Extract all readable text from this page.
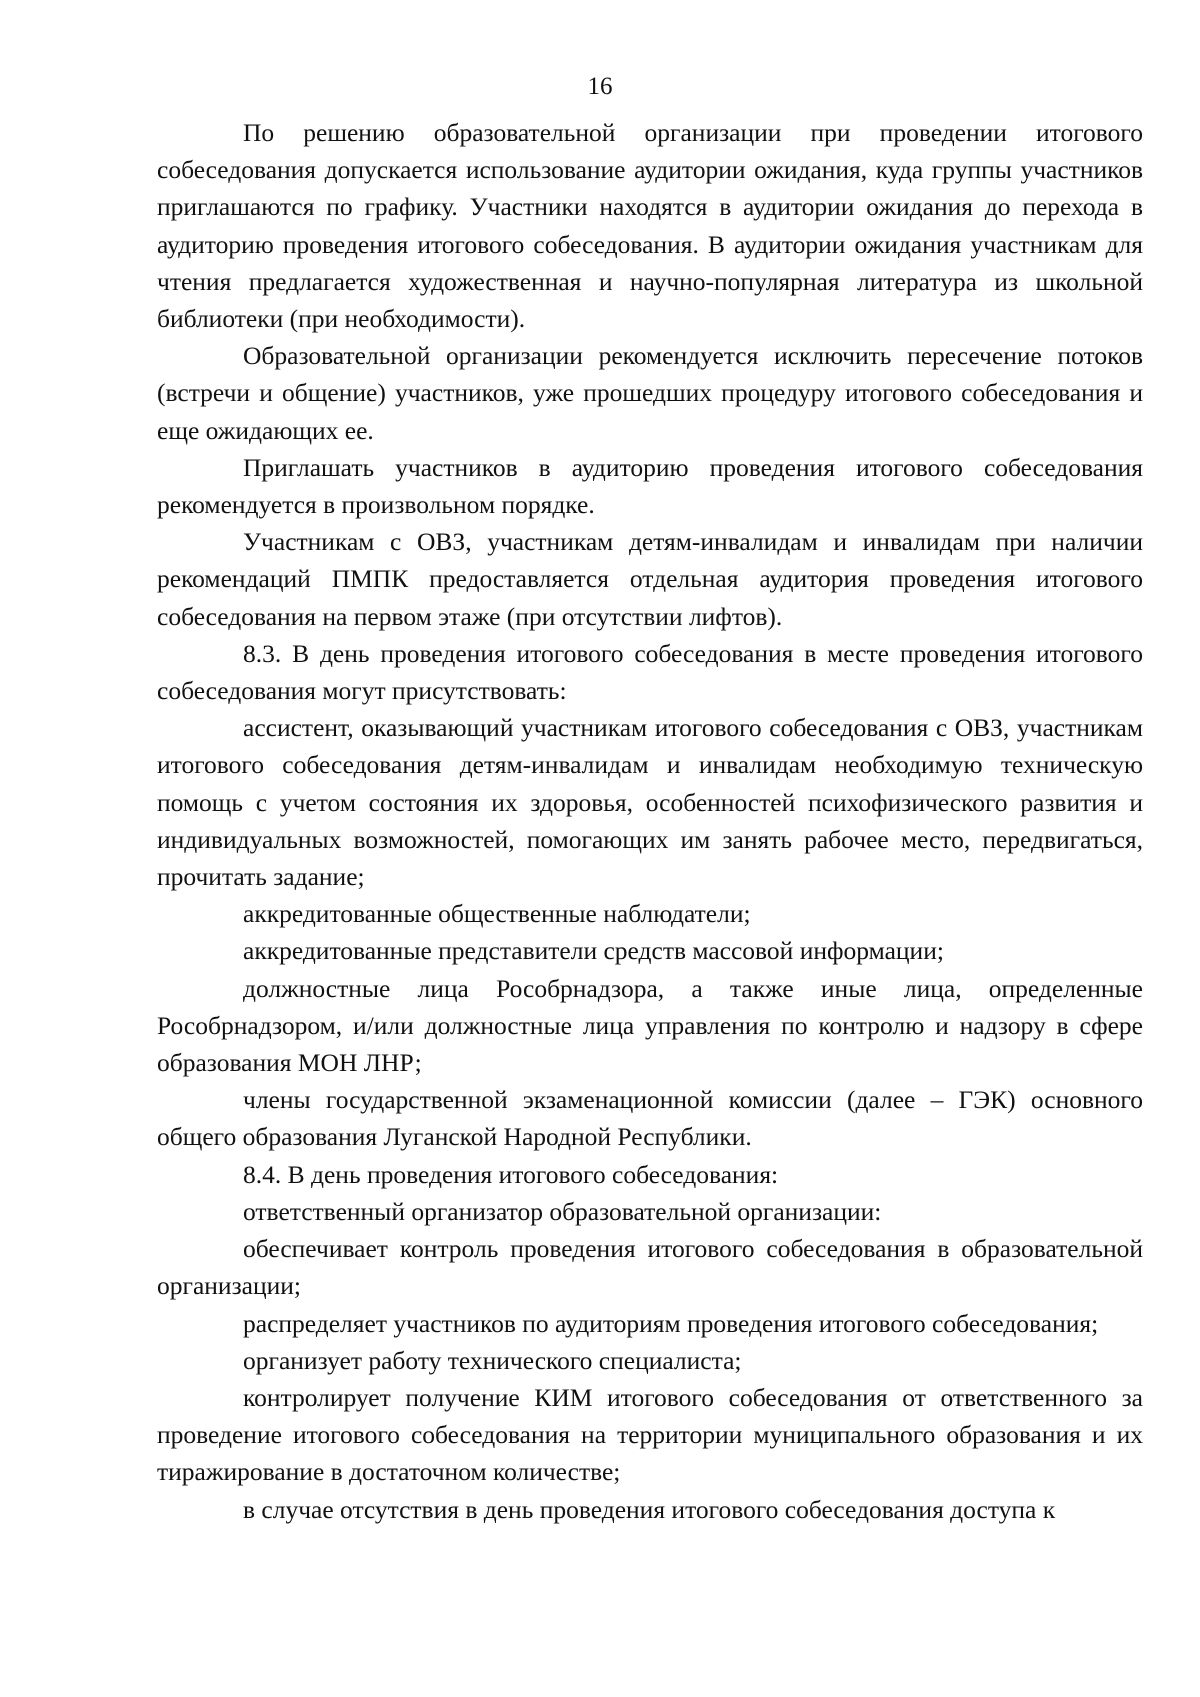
16

По решению образовательной организации при проведении итогового собеседования допускается использование аудитории ожидания, куда группы участников приглашаются по графику. Участники находятся в аудитории ожидания до перехода в аудиторию проведения итогового собеседования. В аудитории ожидания участникам для чтения предлагается художественная и научно-популярная литература из школьной библиотеки (при необходимости).

Образовательной организации рекомендуется исключить пересечение потоков (встречи и общение) участников, уже прошедших процедуру итогового собеседования и еще ожидающих ее.

Приглашать участников в аудиторию проведения итогового собеседования рекомендуется в произвольном порядке.

Участникам с ОВЗ, участникам детям-инвалидам и инвалидам при наличии рекомендаций ПМПК предоставляется отдельная аудитория проведения итогового собеседования на первом этаже (при отсутствии лифтов).

8.3. В день проведения итогового собеседования в месте проведения итогового собеседования могут присутствовать:

ассистент, оказывающий участникам итогового собеседования с ОВЗ, участникам итогового собеседования детям-инвалидам и инвалидам необходимую техническую помощь с учетом состояния их здоровья, особенностей психофизического развития и индивидуальных возможностей, помогающих им занять рабочее место, передвигаться, прочитать задание;

аккредитованные общественные наблюдатели;

аккредитованные представители средств массовой информации;

должностные лица Рособрнадзора, а также иные лица, определенные Рособрнадзором, и/или должностные лица управления по контролю и надзору в сфере образования МОН ЛНР;

члены государственной экзаменационной комиссии (далее – ГЭК) основного общего образования Луганской Народной Республики.

8.4. В день проведения итогового собеседования:

ответственный организатор образовательной организации:

обеспечивает контроль проведения итогового собеседования в образовательной организации;

распределяет участников по аудиториям проведения итогового собеседования;

организует работу технического специалиста;

контролирует получение КИМ итогового собеседования от ответственного за проведение итогового собеседования на территории муниципального образования и их тиражирование в достаточном количестве;

в случае отсутствия в день проведения итогового собеседования доступа к
